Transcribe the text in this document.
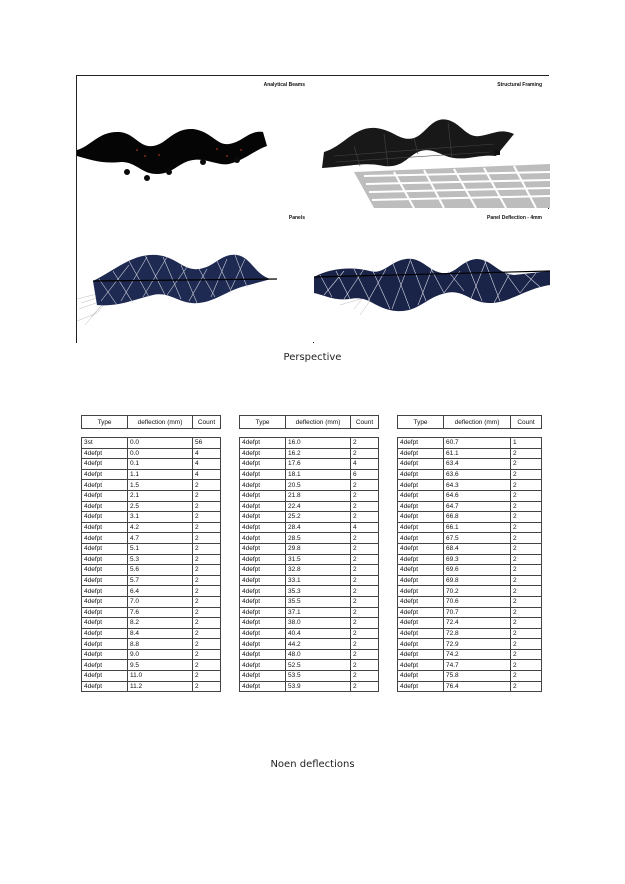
Analytical Beams	Structural Framing
Panels	Panel Deflection - 4mm
Perspective
Type	deflection (mm)	Count

3st	0.0	56
4defpt	0.0	4
4defpt	0.1	4
4defpt	1.1	4
4defpt	1.5	2
4defpt	2.1	2
4defpt	2.5	2
4defpt	3.1	2
4defpt	4.2	2
4defpt	4.7	2
4defpt	5.1	2
4defpt	5.3	2
4defpt	5.6	2
4defpt	5.7	2
4defpt	6.4	2
4defpt	7.0	2
4defpt	7.6	2
4defpt	8.2	2
4defpt	8.4	2
4defpt	8.8	2
4defpt	9.0	2
4defpt	9.5	2
4defpt	11.0	2
4defpt	11.2	2
Type	deflection (mm)	Count

4defpt	16.0	2
4defpt	16.2	2
4defpt	17.6	4
4defpt	18.1	6
4defpt	20.5	2
4defpt	21.8	2
4defpt	22.4	2
4defpt	25.2	2
4defpt	28.4	4
4defpt	28.5	2
4defpt	29.8	2
4defpt	31.5	2
4defpt	32.8	2
4defpt	33.1	2
4defpt	35.3	2
4defpt	35.5	2
4defpt	37.1	2
4defpt	38.0	2
4defpt	40.4	2
4defpt	44.2	2
4defpt	48.0	2
4defpt	52.5	2
4defpt	53.5	2
4defpt	53.9	2
Type	deflection (mm)	Count

4defpt	60.7	1
4defpt	61.1	2
4defpt	63.4	2
4defpt	63.6	2
4defpt	64.3	2
4defpt	64.6	2
4defpt	64.7	2
4defpt	66.8	2
4defpt	66.1	2
4defpt	67.5	2
4defpt	68.4	2
4defpt	69.3	2
4defpt	69.6	2
4defpt	69.8	2
4defpt	70.2	2
4defpt	70.6	2
4defpt	70.7	2
4defpt	72.4	2
4defpt	72.8	2
4defpt	72.9	2
4defpt	74.2	2
4defpt	74.7	2
4defpt	75.8	2
4defpt	76.4	2
Noen deflections
